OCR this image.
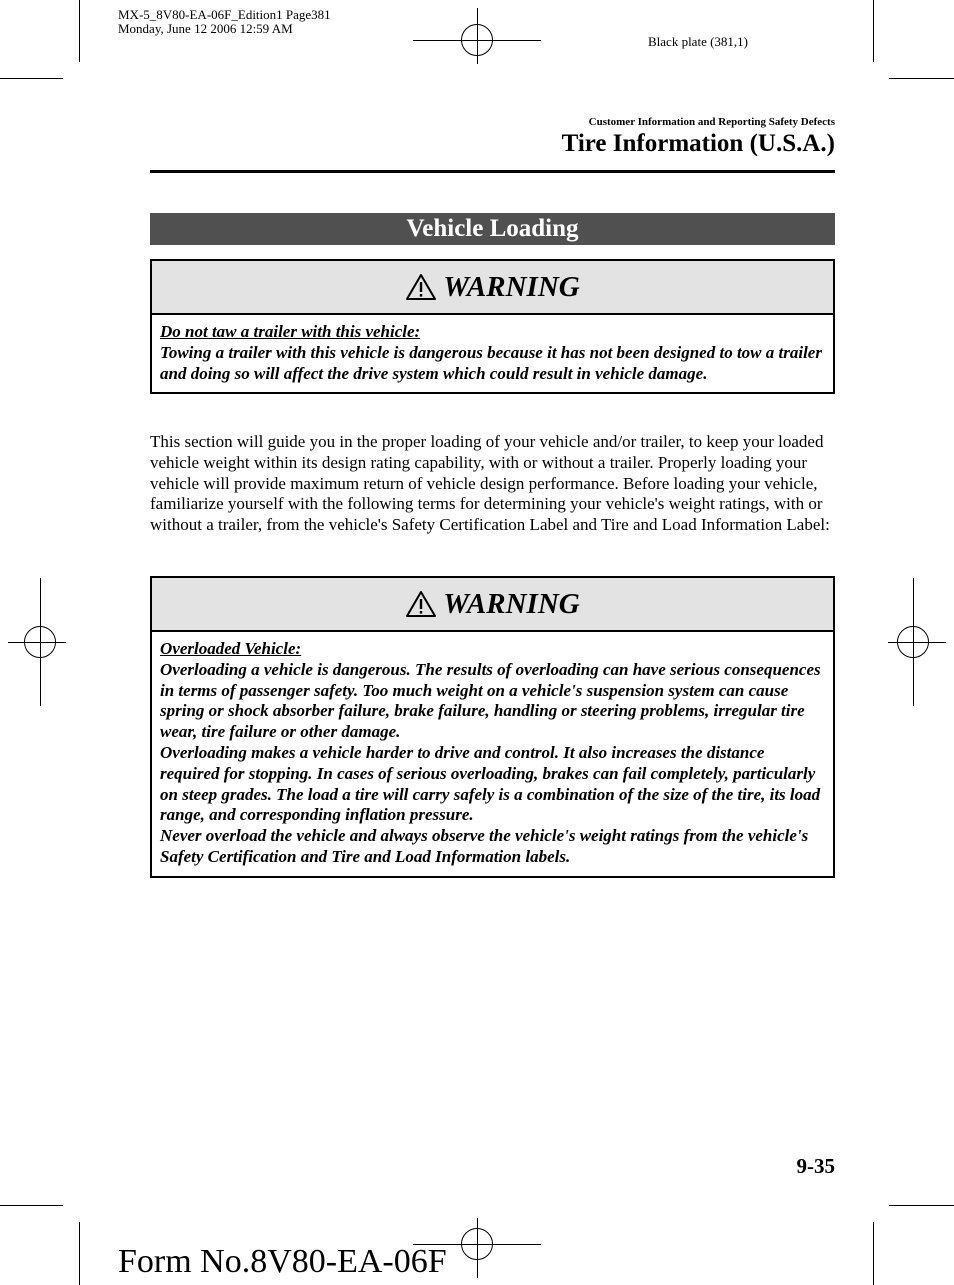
MX-5_8V80-EA-06F_Edition1 Page381
Monday, June 12 2006 12:59 AM
Black plate (381,1)
Customer Information and Reporting Safety Defects
Tire Information (U.S.A.)
Vehicle Loading
WARNING
Do not taw a trailer with this vehicle:

Towing a trailer with this vehicle is dangerous because it has not been designed to tow a trailer and doing so will affect the drive system which could result in vehicle damage.

This section will guide you in the proper loading of your vehicle and/or trailer, to keep your loaded vehicle weight within its design rating capability, with or without a trailer. Properly loading your vehicle will provide maximum return of vehicle design performance. Before loading your vehicle, familiarize yourself with the following terms for determining your vehicle's weight ratings, with or without a trailer, from the vehicle's Safety Certification Label and Tire and Load Information Label:
WARNING
Overloaded Vehicle:

Overloading a vehicle is dangerous. The results of overloading can have serious consequences in terms of passenger safety. Too much weight on a vehicle's suspension system can cause spring or shock absorber failure, brake failure, handling or steering problems, irregular tire wear, tire failure or other damage.

Overloading makes a vehicle harder to drive and control. It also increases the distance required for stopping. In cases of serious overloading, brakes can fail completely, particularly on steep grades. The load a tire will carry safely is a combination of the size of the tire, its load range, and corresponding inflation pressure.

Never overload the vehicle and always observe the vehicle's weight ratings from the vehicle's Safety Certification and Tire and Load Information labels.

9-35
Form No.8V80-EA-06F
